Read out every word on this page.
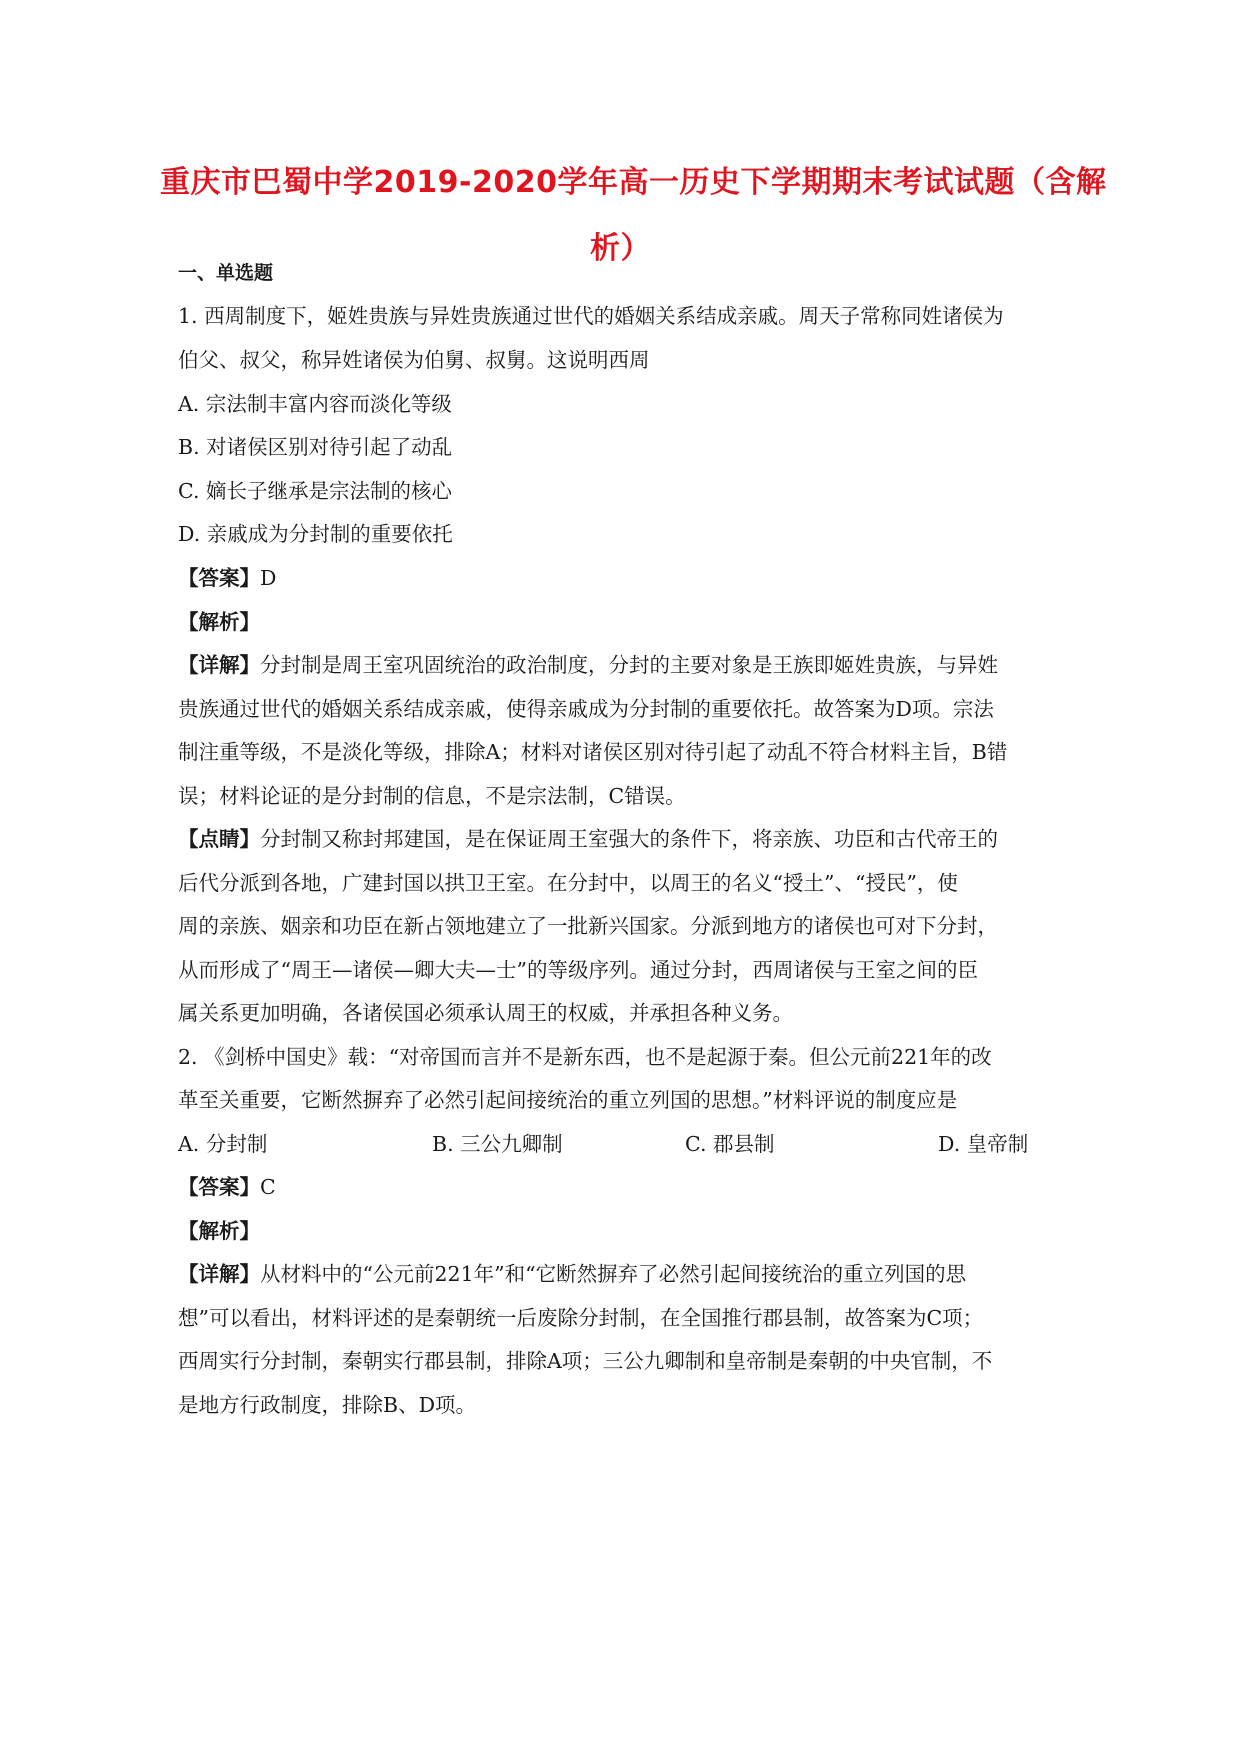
重庆市巴蜀中学2019-2020学年高一历史下学期期末考试试题（含解
析）
一、单选题
1. 西周制度下，姬姓贵族与异姓贵族通过世代的婚姻关系结成亲戚。周天子常称同姓诸侯为
伯父、叔父，称异姓诸侯为伯舅、叔舅。这说明西周
A. 宗法制丰富内容而淡化等级
B. 对诸侯区别对待引起了动乱
C. 嫡长子继承是宗法制的核心
D. 亲戚成为分封制的重要依托
【答案】D
【解析】
【详解】分封制是周王室巩固统治的政治制度，分封的主要对象是王族即姬姓贵族，与异姓
贵族通过世代的婚姻关系结成亲戚，使得亲戚成为分封制的重要依托。故答案为D项。宗法
制注重等级，不是淡化等级，排除A；材料对诸侯区别对待引起了动乱不符合材料主旨，B错
误；材料论证的是分封制的信息，不是宗法制，C错误。
【点睛】分封制又称封邦建国，是在保证周王室强大的条件下，将亲族、功臣和古代帝王的
后代分派到各地，广建封国以拱卫王室。在分封中，以周王的名义“授土”、“授民”，使
周的亲族、姻亲和功臣在新占领地建立了一批新兴国家。分派到地方的诸侯也可对下分封，
从而形成了“周王—诸侯—卿大夫—士”的等级序列。通过分封，西周诸侯与王室之间的臣
属关系更加明确，各诸侯国必须承认周王的权威，并承担各种义务。
2. 《剑桥中国史》载：“对帝国而言并不是新东西，也不是起源于秦。但公元前221年的改
革至关重要，它断然摒弃了必然引起间接统治的重立列国的思想。”材料评说的制度应是
A. 分封制	B. 三公九卿制	C. 郡县制	D. 皇帝制
【答案】C
【解析】
【详解】从材料中的“公元前221年”和“它断然摒弃了必然引起间接统治的重立列国的思
想”可以看出，材料评述的是秦朝统一后废除分封制，在全国推行郡县制，故答案为C项；
西周实行分封制，秦朝实行郡县制，排除A项；三公九卿制和皇帝制是秦朝的中央官制，不
是地方行政制度，排除B、D项。
